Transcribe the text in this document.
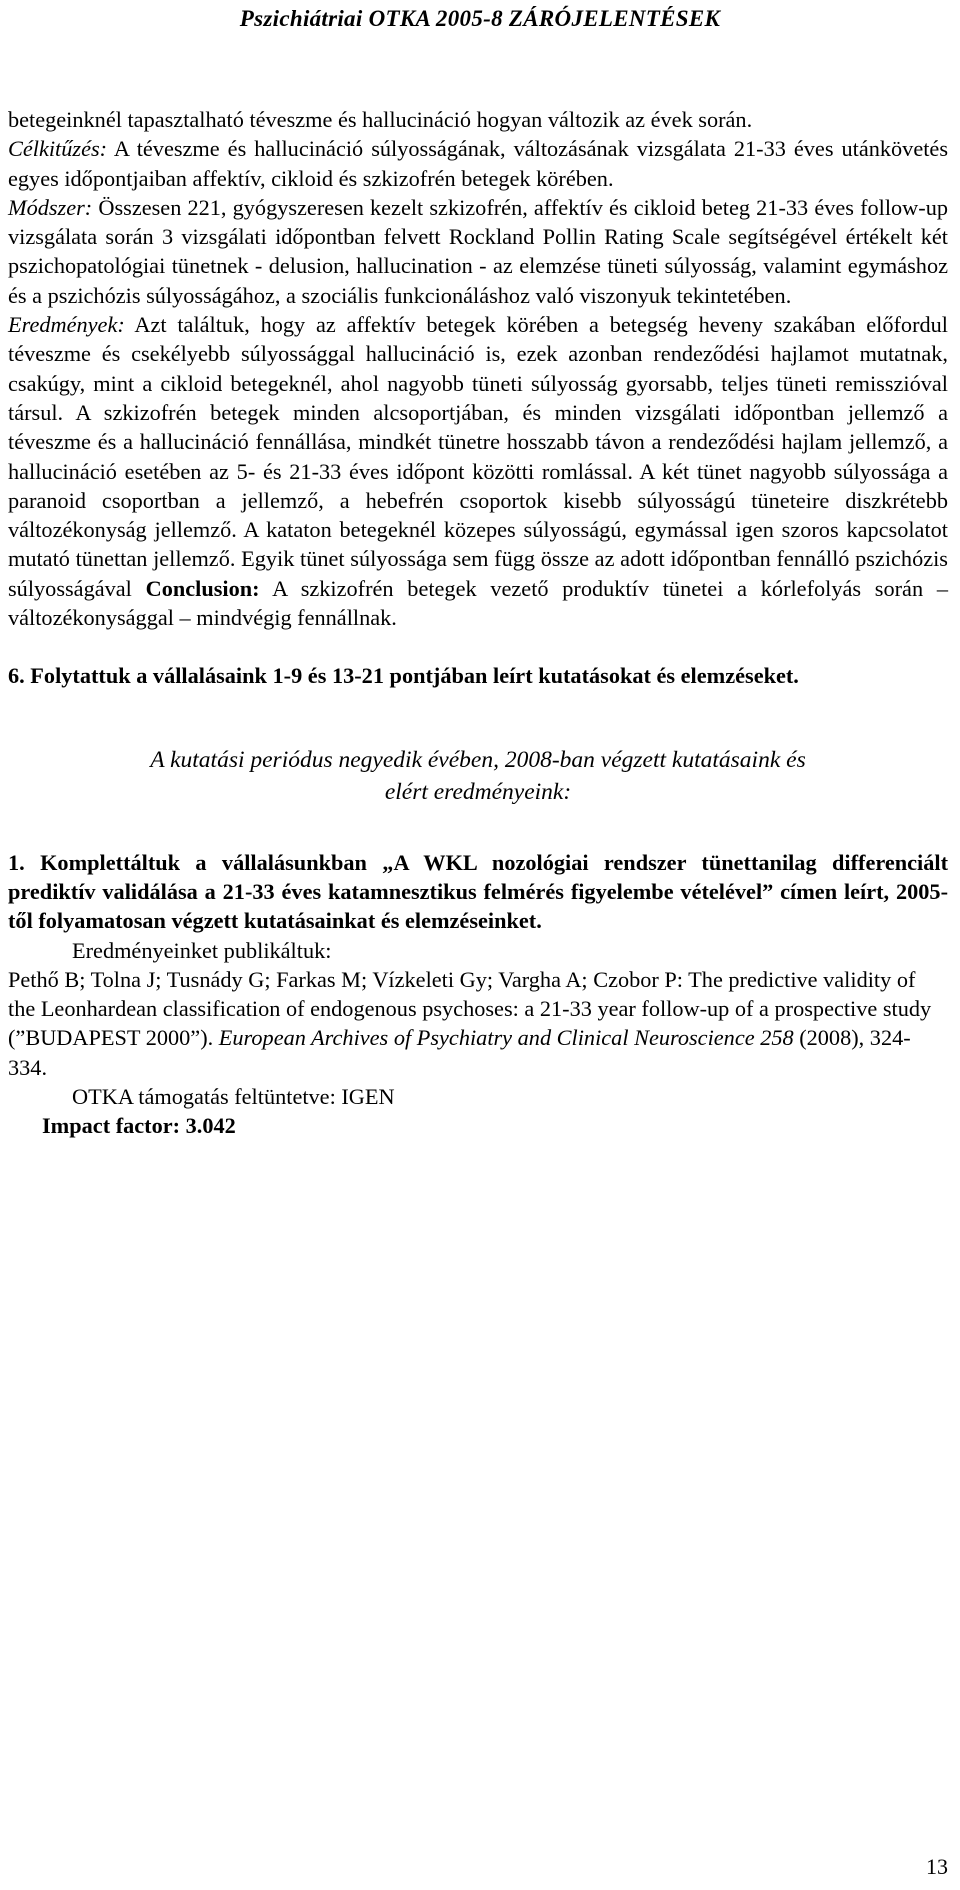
Pszichiátriai OTKA 2005-8 ZÁRÓJELENTÉSEK

betegeinknél tapasztalható téveszme és hallucináció hogyan változik az évek során.

Célkitűzés: A téveszme és hallucináció súlyosságának, változásának vizsgálata 21-33 éves utánkövetés egyes időpontjaiban affektív, cikloid és szkizofrén betegek körében.

Módszer: Összesen 221, gyógyszeresen kezelt szkizofrén, affektív és cikloid beteg 21-33 éves follow-up vizsgálata során 3 vizsgálati időpontban felvett Rockland Pollin Rating Scale segítségével értékelt két pszichopatológiai tünetnek - delusion, hallucination - az elemzése tüneti súlyosság, valamint egymáshoz és a pszichózis súlyosságához, a szociális funkcionáláshoz való viszonyuk tekintetében.

Eredmények: Azt találtuk, hogy az affektív betegek körében a betegség heveny szakában előfordul téveszme és csekélyebb súlyossággal hallucináció is, ezek azonban rendeződési hajlamot mutatnak, csakúgy, mint a cikloid betegeknél, ahol nagyobb tüneti súlyosság gyorsabb, teljes tüneti remisszióval társul. A szkizofrén betegek minden alcsoportjában, és minden vizsgálati időpontban jellemző a téveszme és a hallucináció fennállása, mindkét tünetre hosszabb távon a rendeződési hajlam jellemző, a hallucináció esetében az 5- és 21-33 éves időpont közötti romlással. A két tünet nagyobb súlyossága a paranoid csoportban a jellemző, a hebefrén csoportok kisebb súlyosságú tüneteire diszkrétebb változékonyság jellemző. A kataton betegeknél közepes súlyosságú, egymással igen szoros kapcsolatot mutató tünettan jellemző. Egyik tünet súlyossága sem függ össze az adott időpontban fennálló pszichózis súlyosságával Conclusion: A szkizofrén betegek vezető produktív tünetei a kórlefolyás során – változékonysággal – mindvégig fennállnak.

6. Folytattuk a vállalásaink 1-9 és 13-21 pontjában leírt kutatásokat és elemzéseket.

A kutatási periódus negyedik évében, 2008-ban végzett kutatásaink és
elért eredményeink:

1. Komplettáltuk a vállalásunkban „A WKL nozológiai rendszer tünettanilag differenciált prediktív validálása a 21-33 éves katamnesztikus felmérés figyelembe vételével” címen leírt, 2005-től folyamatosan végzett kutatásainkat és elemzéseinket.

Eredményeinket publikáltuk:

Pethő B; Tolna J; Tusnády G; Farkas M; Vízkeleti Gy; Vargha A; Czobor P: The predictive validity of the Leonhardean classification of endogenous psychoses: a 21-33 year follow-up of a prospective study (”BUDAPEST 2000”). European Archives of Psychiatry and Clinical Neuroscience 258 (2008), 324-334.

OTKA támogatás feltüntetve: IGEN

Impact factor: 3.042

13
